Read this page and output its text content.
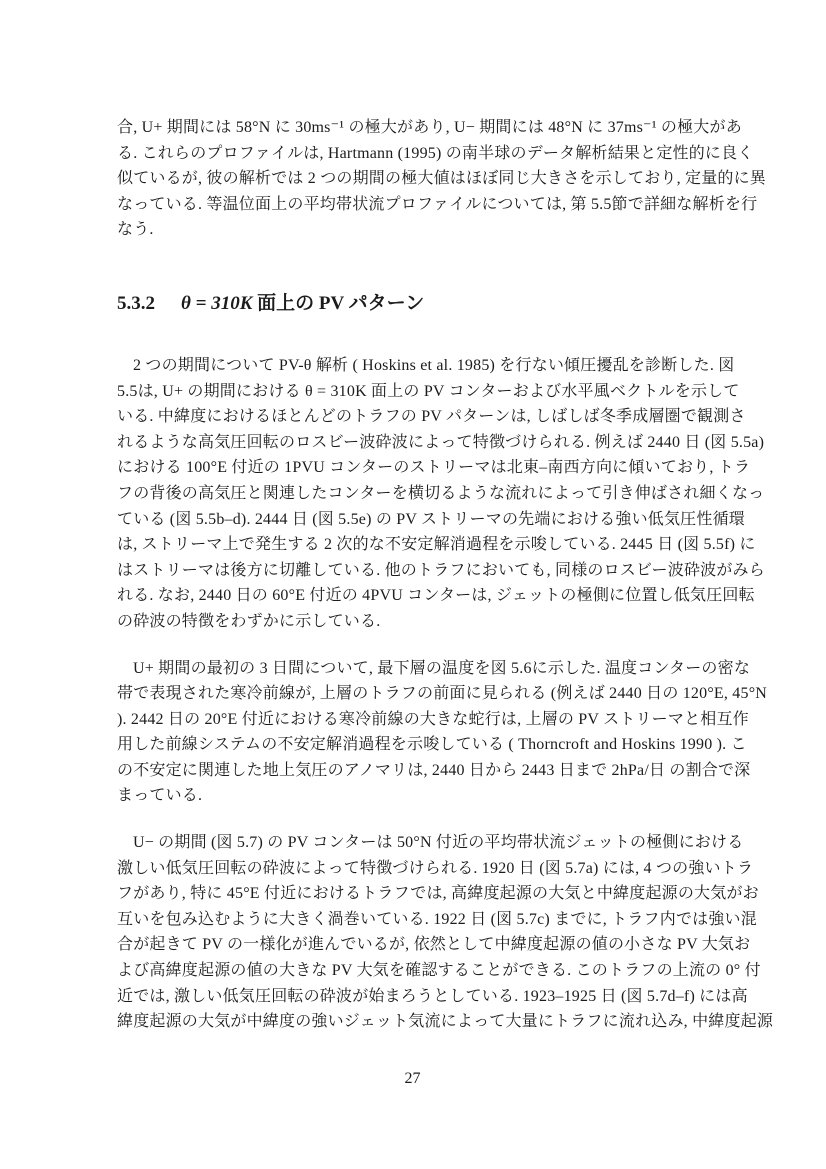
合, U+ 期間には 58°N に 30ms⁻¹ の極大があり, U− 期間には 48°N に 37ms⁻¹ の極大があ
る. これらのプロファイルは, Hartmann (1995) の南半球のデータ解析結果と定性的に良く
似ているが, 彼の解析では 2 つの期間の極大値はほぼ同じ大きさを示しており, 定量的に異
なっている. 等温位面上の平均帯状流プロファイルについては, 第 5.5節で詳細な解析を行
なう.
5.3.2 θ = 310K 面上の PV パターン
2 つの期間について PV-θ 解析 ( Hoskins et al. 1985) を行ない傾圧擾乱を診断した. 図
5.5は, U+ の期間における θ = 310K 面上の PV コンターおよび水平風ベクトルを示して
いる. 中緯度におけるほとんどのトラフの PV パターンは, しばしば冬季成層圏で観測さ
れるような高気圧回転のロスビー波砕波によって特徴づけられる. 例えば 2440 日 (図 5.5a)
における 100°E 付近の 1PVU コンターのストリーマは北東–南西方向に傾いており, トラ
フの背後の高気圧と関連したコンターを横切るような流れによって引き伸ばされ細くなっ
ている (図 5.5b–d). 2444 日 (図 5.5e) の PV ストリーマの先端における強い低気圧性循環
は, ストリーマ上で発生する 2 次的な不安定解消過程を示唆している. 2445 日 (図 5.5f) に
はストリーマは後方に切離している. 他のトラフにおいても, 同様のロスビー波砕波がみら
れる. なお, 2440 日の 60°E 付近の 4PVU コンターは, ジェットの極側に位置し低気圧回転
の砕波の特徴をわずかに示している.
U+ 期間の最初の 3 日間について, 最下層の温度を図 5.6に示した. 温度コンターの密な
帯で表現された寒冷前線が, 上層のトラフの前面に見られる (例えば 2440 日の 120°E, 45°N
). 2442 日の 20°E 付近における寒冷前線の大きな蛇行は, 上層の PV ストリーマと相互作
用した前線システムの不安定解消過程を示唆している ( Thorncroft and Hoskins 1990 ). こ
の不安定に関連した地上気圧のアノマリは, 2440 日から 2443 日まで 2hPa/日 の割合で深
まっている.
U− の期間 (図 5.7) の PV コンターは 50°N 付近の平均帯状流ジェットの極側における
激しい低気圧回転の砕波によって特徴づけられる. 1920 日 (図 5.7a) には, 4 つの強いトラ
フがあり, 特に 45°E 付近におけるトラフでは, 高緯度起源の大気と中緯度起源の大気がお
互いを包み込むように大きく渦巻いている. 1922 日 (図 5.7c) までに, トラフ内では強い混
合が起きて PV の一様化が進んでいるが, 依然として中緯度起源の値の小さな PV 大気お
よび高緯度起源の値の大きな PV 大気を確認することができる. このトラフの上流の 0° 付
近では, 激しい低気圧回転の砕波が始まろうとしている. 1923–1925 日 (図 5.7d–f) には高
緯度起源の大気が中緯度の強いジェット気流によって大量にトラフに流れ込み, 中緯度起源
27
